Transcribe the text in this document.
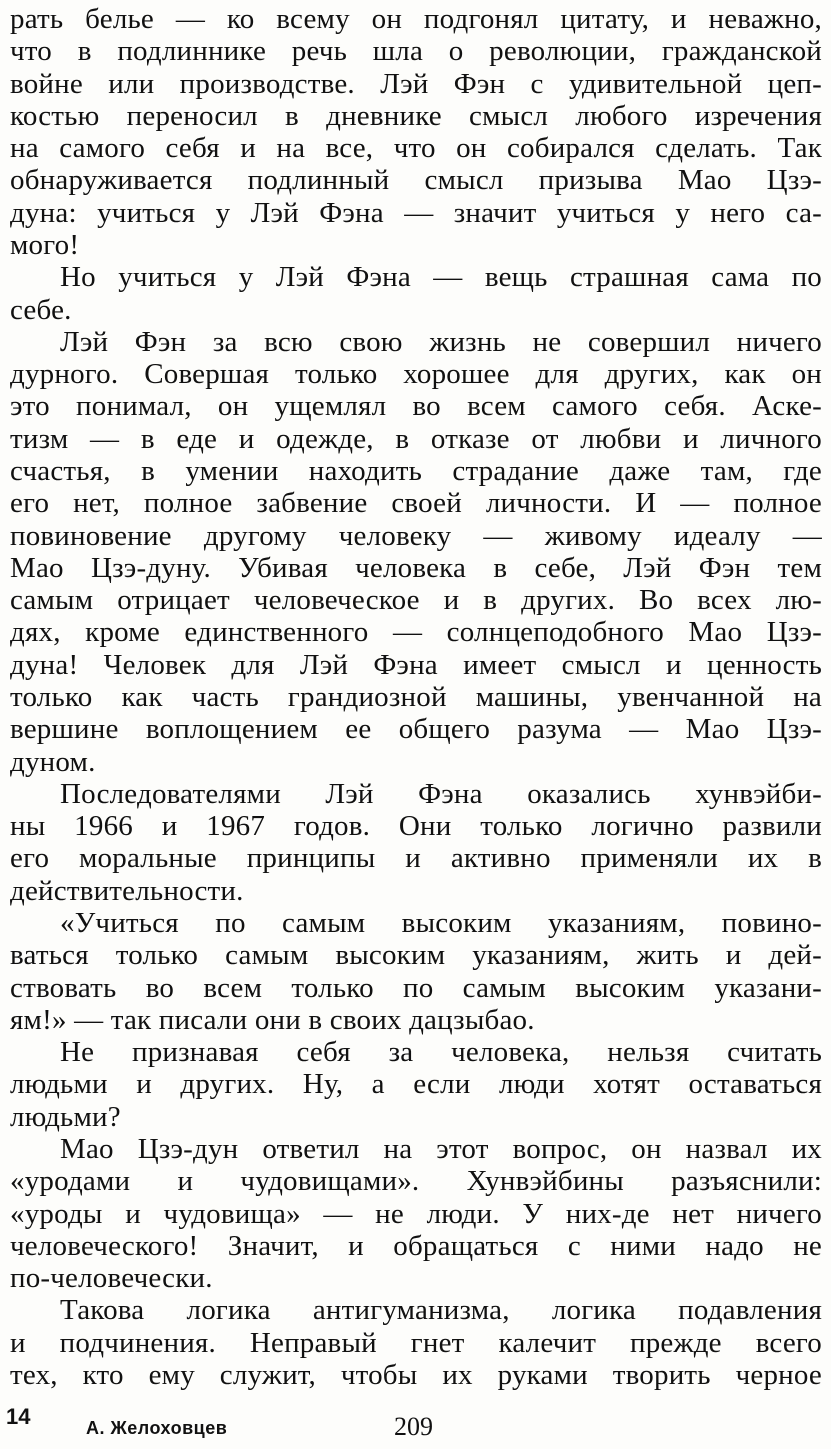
рать белье — ко всему он подгонял цитату, и неважно,
что в подлиннике речь шла о революции, гражданской
войне или производстве. Лэй Фэн с удивительной цеп-
костью переносил в дневнике смысл любого изречения
на самого себя и на все, что он собирался сделать. Так
обнаруживается подлинный смысл призыва Мао Цзэ-
дуна: учиться у Лэй Фэна — значит учиться у него са-
мого!
Но учиться у Лэй Фэна — вещь страшная сама по
себе.
Лэй Фэн за всю свою жизнь не совершил ничего
дурного. Совершая только хорошее для других, как он
это понимал, он ущемлял во всем самого себя. Аске-
тизм — в еде и одежде, в отказе от любви и личного
счастья, в умении находить страдание даже там, где
его нет, полное забвение своей личности. И — полное
повиновение другому человеку — живому идеалу —
Мао Цзэ-дуну. Убивая человека в себе, Лэй Фэн тем
самым отрицает человеческое и в других. Во всех лю-
дях, кроме единственного — солнцеподобного Мао Цзэ-
дуна! Человек для Лэй Фэна имеет смысл и ценность
только как часть грандиозной машины, увенчанной на
вершине воплощением ее общего разума — Мао Цзэ-
дуном.
Последователями Лэй Фэна оказались хунвэйби-
ны 1966 и 1967 годов. Они только логично развили
его моральные принципы и активно применяли их в
действительности.
«Учиться по самым высоким указаниям, повино-
ваться только самым высоким указаниям, жить и дей-
ствовать во всем только по самым высоким указани-
ям!» — так писали они в своих дацзыбао.
Не признавая себя за человека, нельзя считать
людьми и других. Ну, а если люди хотят оставаться
людьми?
Мао Цзэ-дун ответил на этот вопрос, он назвал их
«уродами и чудовищами». Хунвэйбины разъяснили:
«уроды и чудовища» — не люди. У них-де нет ничего
человеческого! Значит, и обращаться с ними надо не
по-человечески.
Такова логика антигуманизма, логика подавления
и подчинения. Неправый гнет калечит прежде всего
тех, кто ему служит, чтобы их руками творить черное
14	А. Желоховцев	209
